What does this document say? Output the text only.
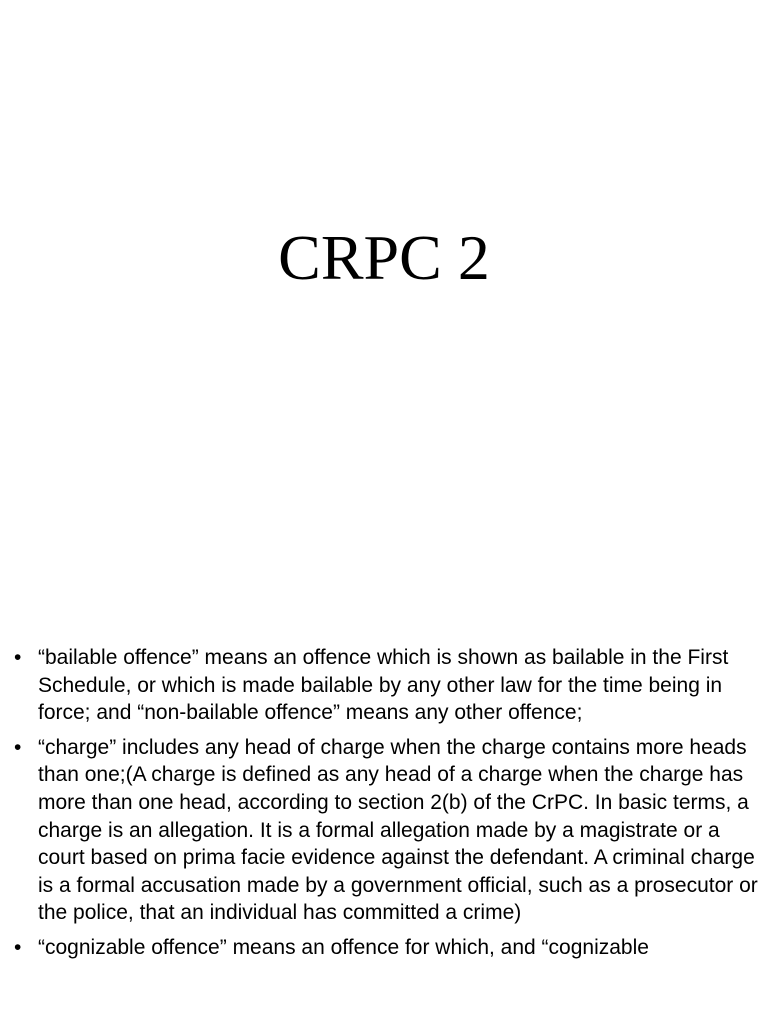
CRPC 2
• “bailable offence” means an offence which is shown as bailable in the First Schedule, or which is made bailable by any other law for the time being in force; and “non-bailable offence” means any other offence;
• “charge” includes any head of charge when the charge contains more heads than one;(A charge is defined as any head of a charge when the charge has more than one head, according to section 2(b) of the CrPC. In basic terms, a charge is an allegation. It is a formal allegation made by a magistrate or a court based on prima facie evidence against the defendant. A criminal charge is a formal accusation made by a government official, such as a prosecutor or the police, that an individual has committed a crime)
• “cognizable offence” means an offence for which, and “cognizable
